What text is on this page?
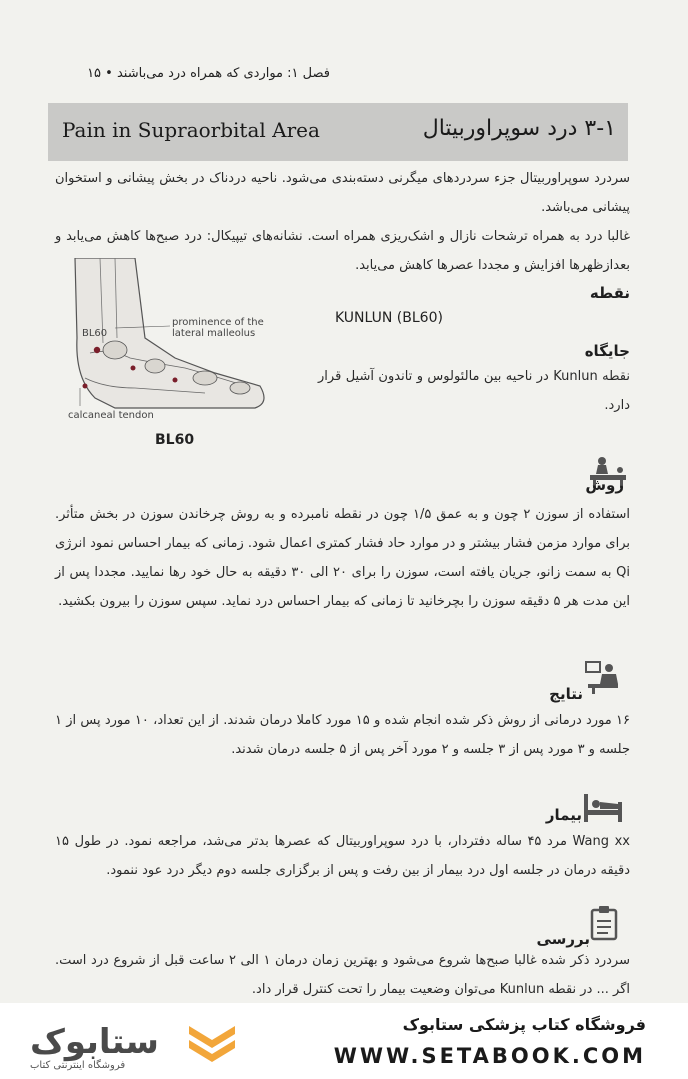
فصل ۱: مواردی که همراه درد می‌باشند • ۱۵
Pain in Supraorbital Area	۳-۱ درد سوپراوربیتال
سردرد سوپراوربیتال جزء سردردهای میگرنی دسته‌بندی می‌شود. ناحیه دردناک در بخش پیشانی و استخوان پیشانی می‌باشد.
غالبا درد به همراه ترشحات نازال و اشک‌ریزی همراه است. نشانه‌های تیپیکال: درد صبح‌ها کاهش می‌یابد و بعدازظهرها افزایش و مجددا عصرها کاهش می‌یابد.
نقطه
BL60
prominence of the lateral malleolus
calcaneal tendon
BL60
KUNLUN (BL60)
جایگاه
نقطه Kunlun در ناحیه بین مالئولوس و تاندون آشیل قرار دارد.
روش
استفاده از سوزن ۲ چون و به عمق ۱/۵ چون در نقطه نامبرده و به روش چرخاندن سوزن در بخش متأثر. برای موارد مزمن فشار بیشتر و در موارد حاد فشار کمتری اعمال شود. زمانی که بیمار احساس نمود انرژی Qi به سمت زانو، جریان یافته است، سوزن را برای ۲۰ الی ۳۰ دقیقه به حال خود رها نمایید. مجددا پس از این مدت هر ۵ دقیقه سوزن را بچرخانید تا زمانی که بیمار احساس درد نماید. سپس سوزن را بیرون بکشید.
نتایج
۱۶ مورد درمانی از روش ذکر شده انجام شده و ۱۵ مورد کاملا درمان شدند. از این تعداد، ۱۰ مورد پس از ۱ جلسه و ۳ مورد پس از ۳ جلسه و ۲ مورد آخر پس از ۵ جلسه درمان شدند.
بیمار
Wang xx مرد ۴۵ ساله دفتردار، با درد سوپراوربیتال که عصرها بدتر می‌شد، مراجعه نمود. در طول ۱۵ دقیقه درمان در جلسه اول درد بیمار از بین رفت و پس از برگزاری جلسه دوم دیگر درد عود ننمود.
بررسی
سردرد ذکر شده غالبا صبح‌ها شروع می‌شود و بهترین زمان درمان ۱ الی ۲ ساعت قبل از شروع درد است. اگر ... در نقطه Kunlun می‌توان وضعیت بیمار را تحت کنترل قرار داد.
ستابوک
فروشگاه اینترنتی کتاب
فروشگاه کتاب پزشکی ستابوک
WWW.SETABOOK.COM
